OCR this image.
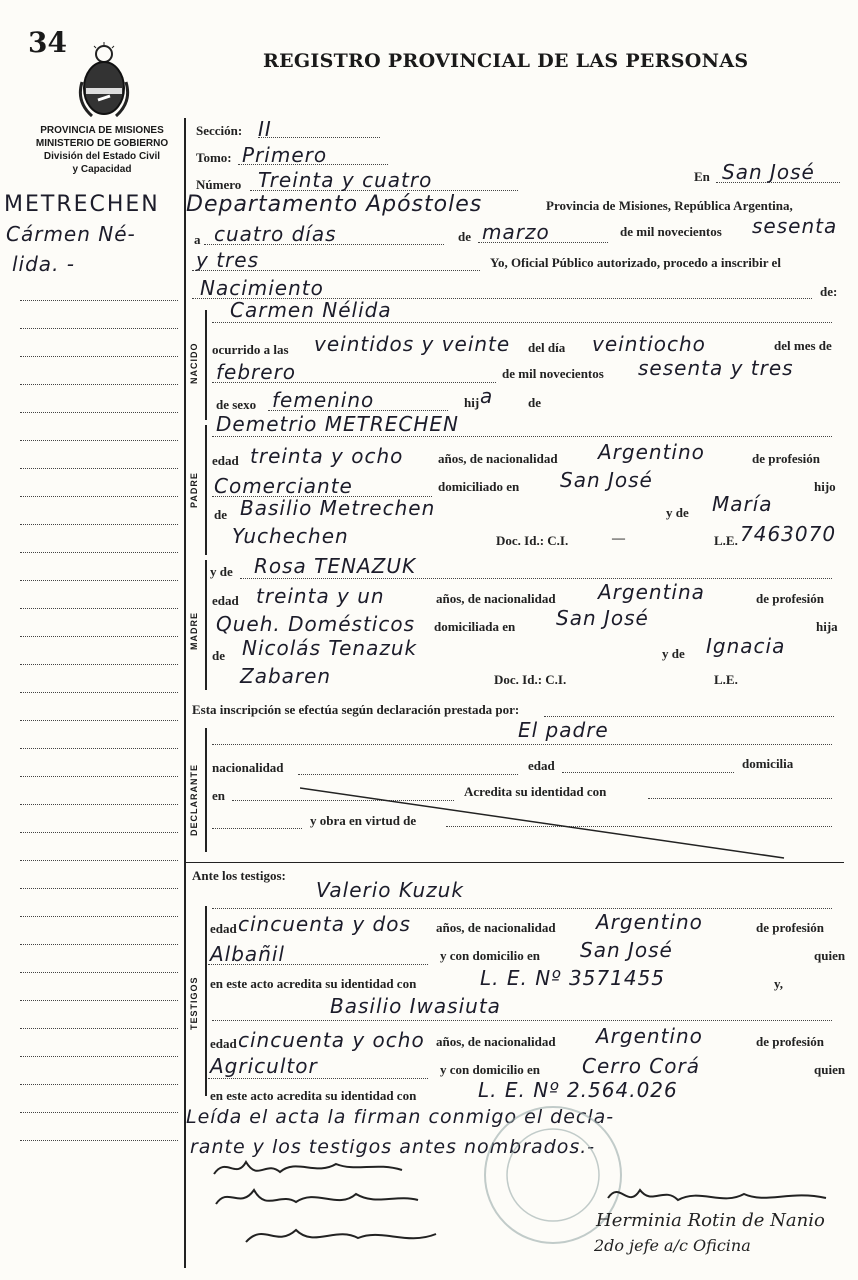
34
REGISTRO PROVINCIAL DE LAS PERSONAS
PROVINCIA DE MISIONES
MINISTERIO DE GOBIERNO
División del Estado Civil
y Capacidad
METRECHEN
Cármen Né-
lida. -
Sección: II
Tomo: Primero
Número Treinta y cuatro	En San José
Departamento Apóstoles	Provincia de Misiones, República Argentina,
a cuatro días	de marzo	de mil novecientos sesenta
y tres	Yo, Oficial Público autorizado, procedo a inscribir el
Nacimiento	de:
NACIDO
Carmen Nélida
ocurrido a las veintidos y veinte del día veintiocho	del mes de
febrero	de mil novecientos sesenta y tres
de sexo femenino	hij a	de
PADRE
Demetrio METRECHEN
edad treinta y ocho	años, de nacionalidad Argentino	de profesión
Comerciante	domiciliado en San José	hijo
de Basilio Metrechen	y de María
Yuchechen	Doc. Id.: C.I.	—	L.E. 7463070
MADRE
y de Rosa TENAZUK
edad treinta y un	años, de nacionalidad Argentina	de profesión
Queh. Domésticos domiciliada en San José	hija
de Nicolás Tenazuk	y de Ignacia
Zabaren	Doc. Id.: C.I.	L.E.
Esta inscripción se efectúa según declaración prestada por:
DECLARANTE
El padre
nacionalidad	edad	domicilia
en	Acredita su identidad con
y obra en virtud de
Ante los testigos:
TESTIGOS
Valerio Kuzuk
edad cincuenta y dos años, de nacionalidad Argentino	de profesión
Albañil	y con domicilio en San José	quien
en este acto acredita su identidad con	L. E. Nº 3571455	y,
Basilio Iwasiuta
edad cincuenta y ocho años, de nacionalidad Argentino	de profesión
Agricultor	y con domicilio en Cerro Corá	quien
en este acto acredita su identidad con	L. E. Nº 2.564.026
Leída el acta la firman conmigo el decla-
rante y los testigos antes nombrados.-
Herminia Rotin de Nanio
2do jefe a/c Oficina
